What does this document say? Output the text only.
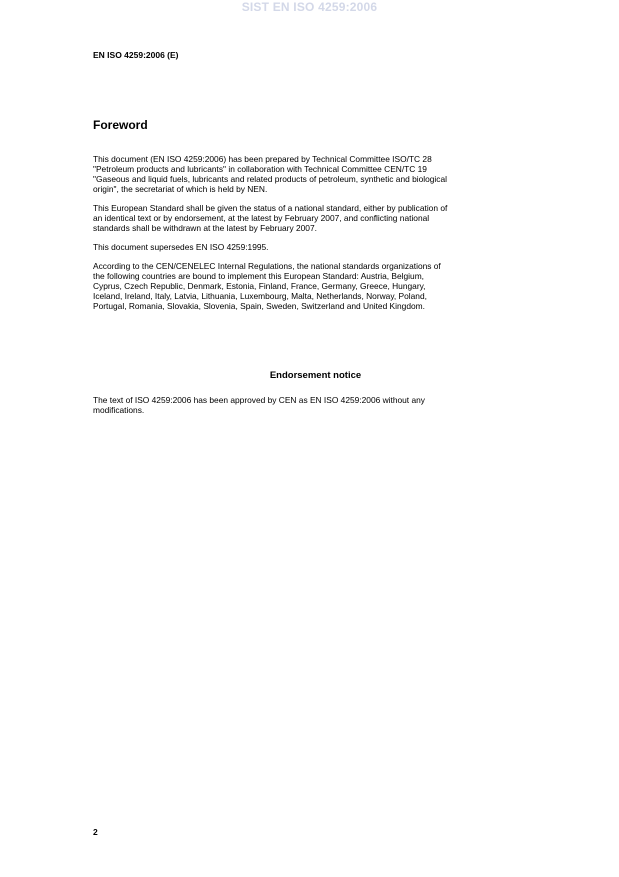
SIST EN ISO 4259:2006
EN ISO 4259:2006 (E)
Foreword

This document (EN ISO 4259:2006) has been prepared by Technical Committee ISO/TC 28
"Petroleum products and lubricants" in collaboration with Technical Committee CEN/TC 19
"Gaseous and liquid fuels, lubricants and related products of petroleum, synthetic and biological
origin", the secretariat of which is held by NEN.

This European Standard shall be given the status of a national standard, either by publication of
an identical text or by endorsement, at the latest by February 2007, and conflicting national
standards shall be withdrawn at the latest by February 2007.

This document supersedes EN ISO 4259:1995.

According to the CEN/CENELEC Internal Regulations, the national standards organizations of
the following countries are bound to implement this European Standard: Austria, Belgium,
Cyprus, Czech Republic, Denmark, Estonia, Finland, France, Germany, Greece, Hungary,
Iceland, Ireland, Italy, Latvia, Lithuania, Luxembourg, Malta, Netherlands, Norway, Poland,
Portugal, Romania, Slovakia, Slovenia, Spain, Sweden, Switzerland and United Kingdom.

Endorsement notice

The text of ISO 4259:2006 has been approved by CEN as EN ISO 4259:2006 without any
modifications.

2
